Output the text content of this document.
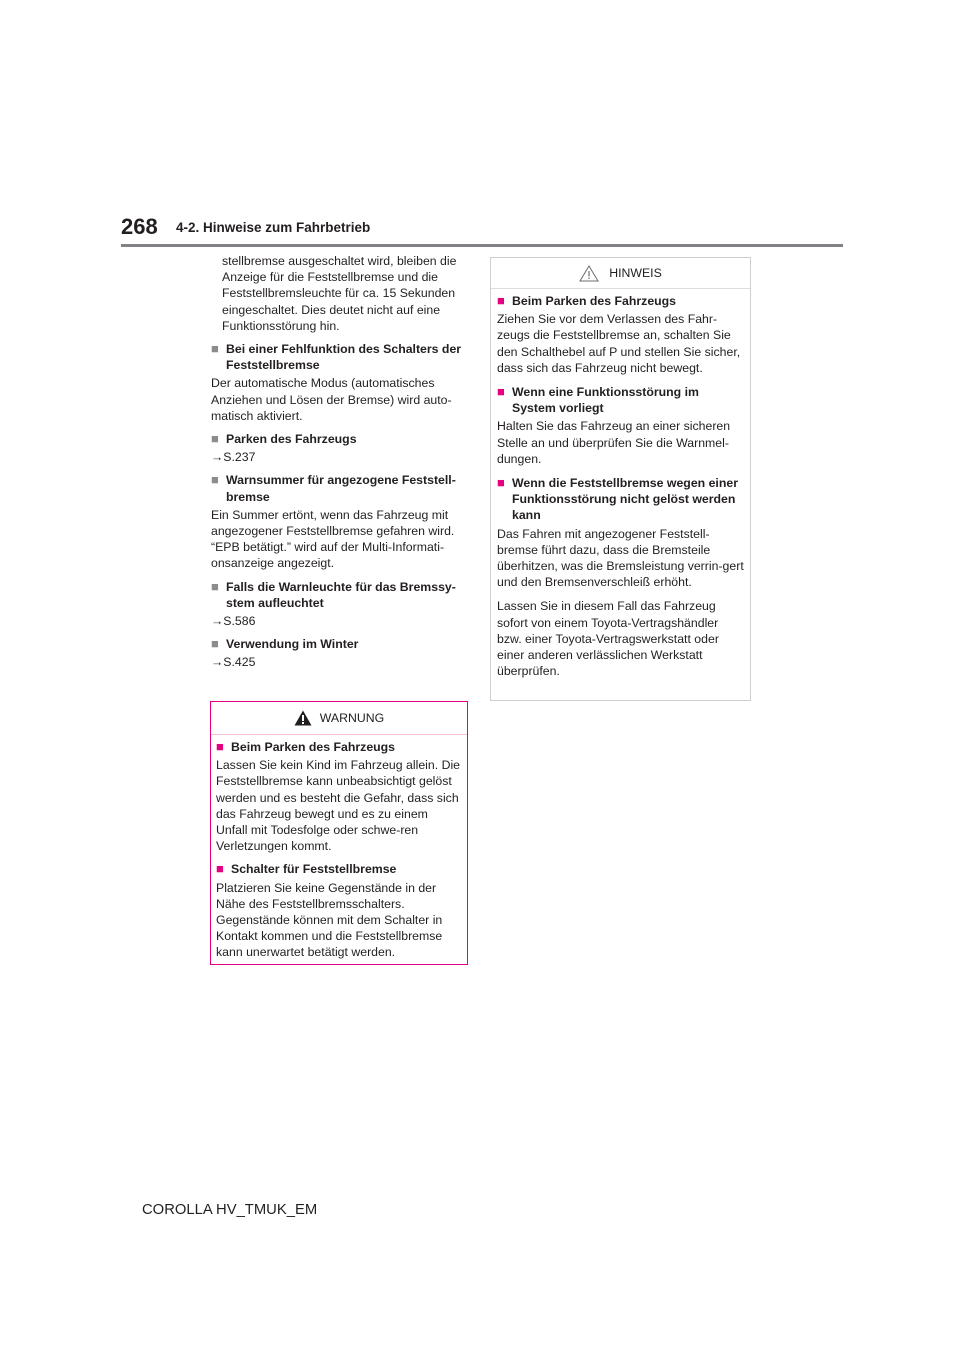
268 4-2. Hinweise zum Fahrbetrieb

stellbremse ausgeschaltet wird, bleiben die Anzeige für die Feststellbremse und die Feststellbremsleuchte für ca. 15 Sekunden eingeschaltet. Dies deutet nicht auf eine Funktionsstörung hin.

■ Bei einer Fehlfunktion des Schalters der Feststellbremse

Der automatische Modus (automatisches Anziehen und Lösen der Bremse) wird auto-matisch aktiviert.

■ Parken des Fahrzeugs

→S.237

■ Warnsummer für angezogene Feststell-bremse

Ein Summer ertönt, wenn das Fahrzeug mit angezogener Feststellbremse gefahren wird. “EPB betätigt.” wird auf der Multi-Informati-onsanzeige angezeigt.

■ Falls die Warnleuchte für das Bremssy-stem aufleuchtet

→S.586

■ Verwendung im Winter

→S.425

WARNUNG
■ Beim Parken des Fahrzeugs

Lassen Sie kein Kind im Fahrzeug allein. Die Feststellbremse kann unbeabsichtigt gelöst werden und es besteht die Gefahr, dass sich das Fahrzeug bewegt und es zu einem Unfall mit Todesfolge oder schwe-ren Verletzungen kommt.

■ Schalter für Feststellbremse

Platzieren Sie keine Gegenstände in der Nähe des Feststellbremsschalters. Gegenstände können mit dem Schalter in Kontakt kommen und die Feststellbremse kann unerwartet betätigt werden.

HINWEIS
■ Beim Parken des Fahrzeugs

Ziehen Sie vor dem Verlassen des Fahr-zeugs die Feststellbremse an, schalten Sie den Schalthebel auf P und stellen Sie sicher, dass sich das Fahrzeug nicht bewegt.

■ Wenn eine Funktionsstörung im System vorliegt

Halten Sie das Fahrzeug an einer sicheren Stelle an und überprüfen Sie die Warnmel-dungen.

■ Wenn die Feststellbremse wegen einer Funktionsstörung nicht gelöst werden kann

Das Fahren mit angezogener Feststell-bremse führt dazu, dass die Bremsteile überhitzen, was die Bremsleistung verrin-gert und den Bremsenverschleiß erhöht.

Lassen Sie in diesem Fall das Fahrzeug sofort von einem Toyota-Vertragshändler bzw. einer Toyota-Vertragswerkstatt oder einer anderen verlässlichen Werkstatt überprüfen.

COROLLA HV_TMUK_EM
